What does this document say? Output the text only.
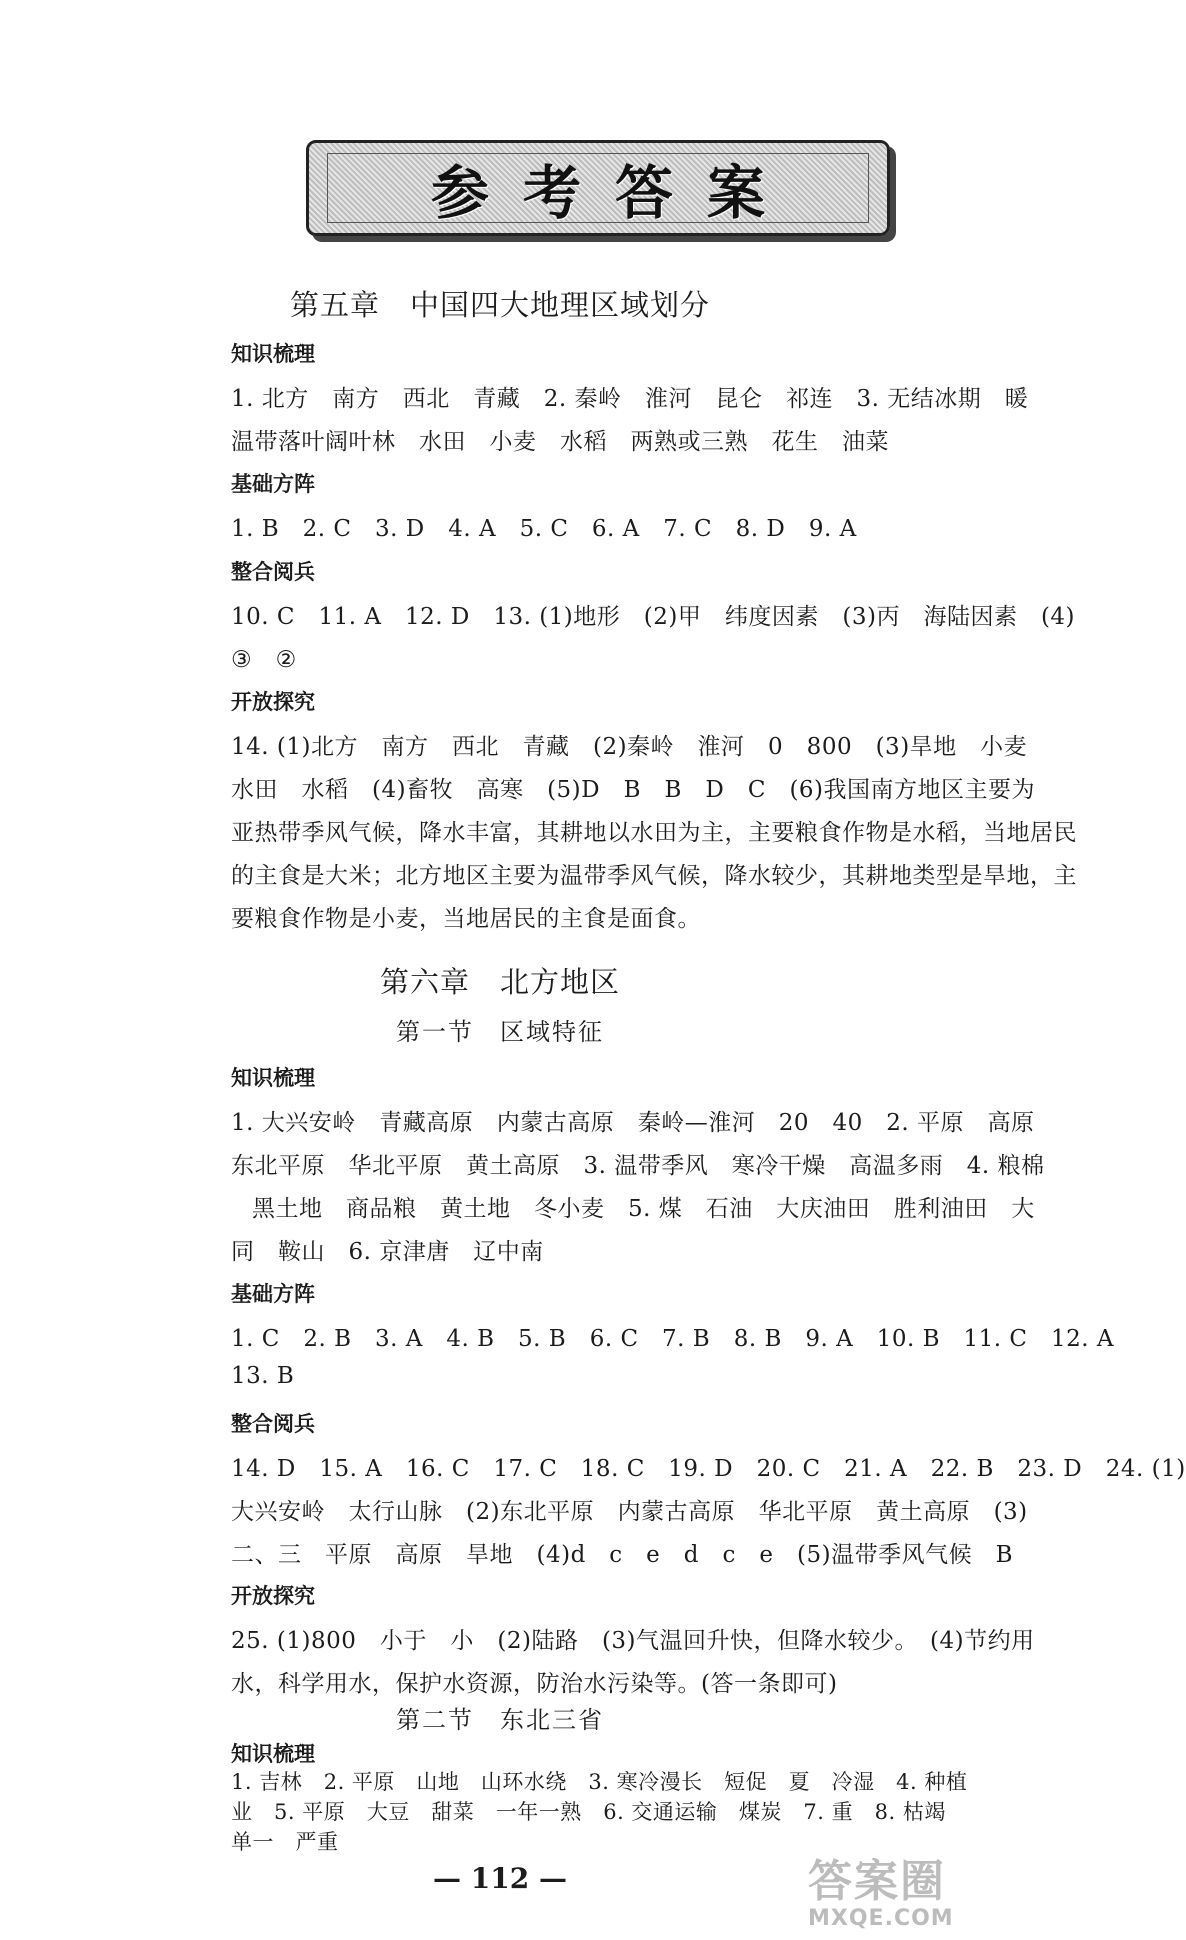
参考答案
第五章　中国四大地理区域划分
知识梳理
1. 北方　南方　西北　青藏　2. 秦岭　淮河　昆仑　祁连　3. 无结冰期　暖
温带落叶阔叶林　水田　小麦　水稻　两熟或三熟　花生　油菜
基础方阵
1. B　2. C　3. D　4. A　5. C　6. A　7. C　8. D　9. A
整合阅兵
10. C　11. A　12. D　13. (1)地形　(2)甲　纬度因素　(3)丙　海陆因素　(4)
③　②
开放探究
14. (1)北方　南方　西北　青藏　(2)秦岭　淮河　0　800　(3)旱地　小麦
水田　水稻　(4)畜牧　高寒　(5)D　B　B　D　C　(6)我国南方地区主要为
亚热带季风气候，降水丰富，其耕地以水田为主，主要粮食作物是水稻，当地居民
的主食是大米；北方地区主要为温带季风气候，降水较少，其耕地类型是旱地，主
要粮食作物是小麦，当地居民的主食是面食。
第六章　北方地区
第一节　区域特征
知识梳理
1. 大兴安岭　青藏高原　内蒙古高原　秦岭—淮河　20　40　2. 平原　高原
东北平原　华北平原　黄土高原　3. 温带季风　寒冷干燥　高温多雨　4. 粮棉
黑土地　商品粮　黄土地　冬小麦　5. 煤　石油　大庆油田　胜利油田　大
同　鞍山　6. 京津唐　辽中南
基础方阵
1. C　2. B　3. A　4. B　5. B　6. C　7. B　8. B　9. A　10. B　11. C　12. A
13. B
整合阅兵
14. D　15. A　16. C　17. C　18. C　19. D　20. C　21. A　22. B　23. D　24. (1)
大兴安岭　太行山脉　(2)东北平原　内蒙古高原　华北平原　黄土高原　(3)
二、三　平原　高原　旱地　(4)d　c　e　d　c　e　(5)温带季风气候　B
开放探究
25. (1)800　小于　小　(2)陆路　(3)气温回升快，但降水较少。　(4)节约用
水，科学用水，保护水资源，防治水污染等。(答一条即可)
第二节　东北三省
知识梳理
1. 吉林　2. 平原　山地　山环水绕　3. 寒冷漫长　短促　夏　冷湿　4. 种植
业　5. 平原　大豆　甜菜　一年一熟　6. 交通运输　煤炭　7. 重　8. 枯竭
单一　严重
— 112 —	答案圈
MXQE.COM
